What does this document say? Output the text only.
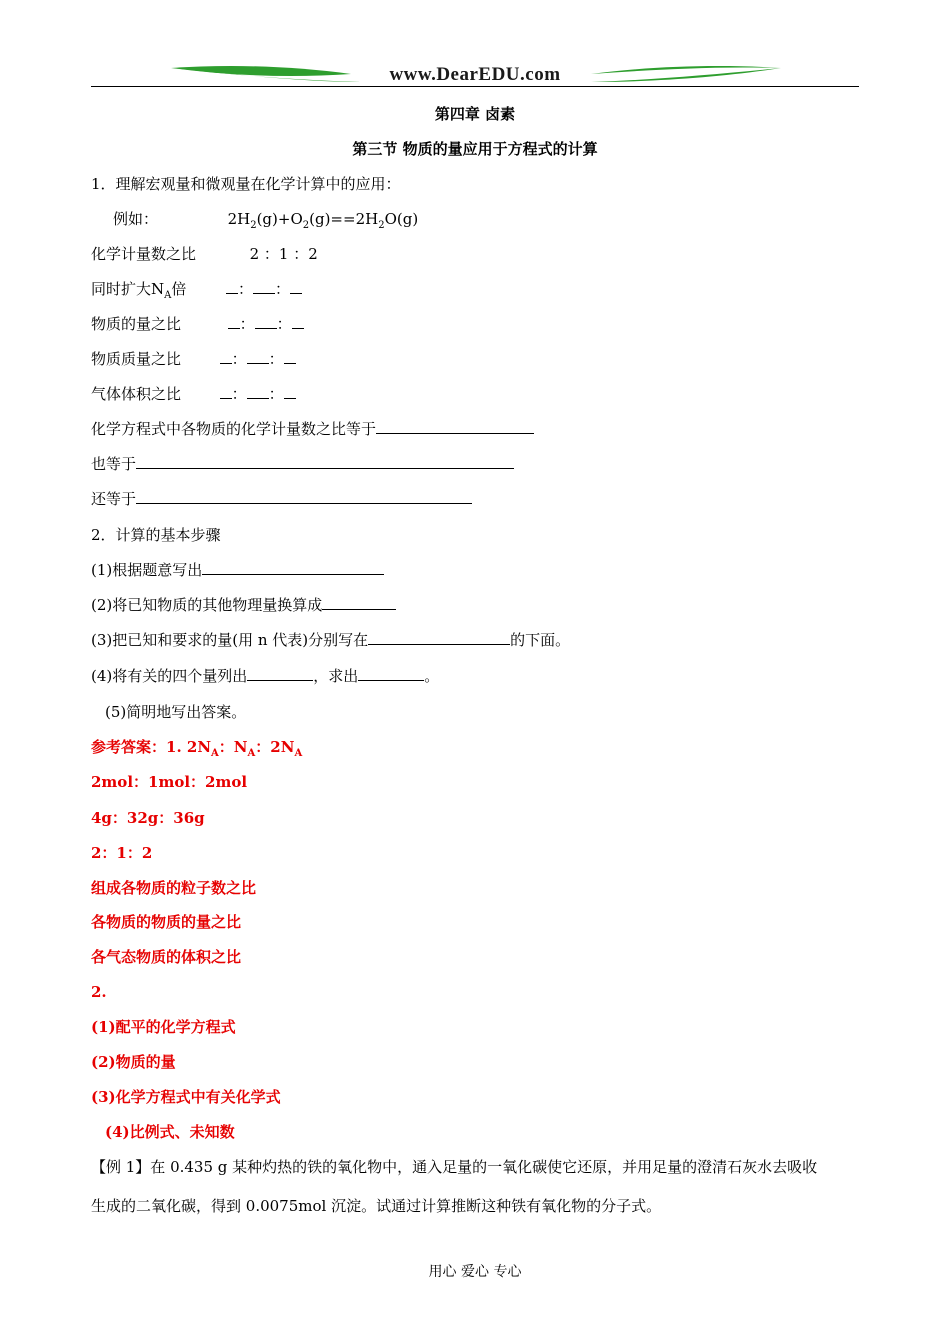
www.DearEDU.com
第四章 卤素
第三节 物质的量应用于方程式的计算
1．理解宏观量和微观量在化学计算中的应用：
例如：	$2H_2(g)+O_2(g)==2H_2O(g)$
化学计量数之比	2 ：1 ：2
同时扩大$N_A$倍	： ：
物质的量之比	： ：
物质质量之比	： ：
气体体积之比	： ：
化学方程式中各物质的化学计量数之比等于
也等于
还等于
2．计算的基本步骤
(1)根据题意写出
(2)将已知物质的其他物理量换算成
(3)把已知和要求的量(用 n 代表)分别写在	的下面。
(4)将有关的四个量列出	，求出	。
(5)简明地写出答案。
参考答案：1. $2N_A$：$N_A$：$2N_A$
2mol：1mol：2mol
4g：32g：36g
2：1：2
组成各物质的粒子数之比
各物质的物质的量之比
各气态物质的体积之比
2.
(1)配平的化学方程式
(2)物质的量
(3)化学方程式中有关化学式
(4)比例式、未知数
【例 1】在 0.435 g 某种灼热的铁的氧化物中，通入足量的一氧化碳使它还原，并用足量的澄清石灰水去吸收
生成的二氧化碳，得到 0.0075mol 沉淀。试通过计算推断这种铁有氧化物的分子式。
用心 爱心 专心
